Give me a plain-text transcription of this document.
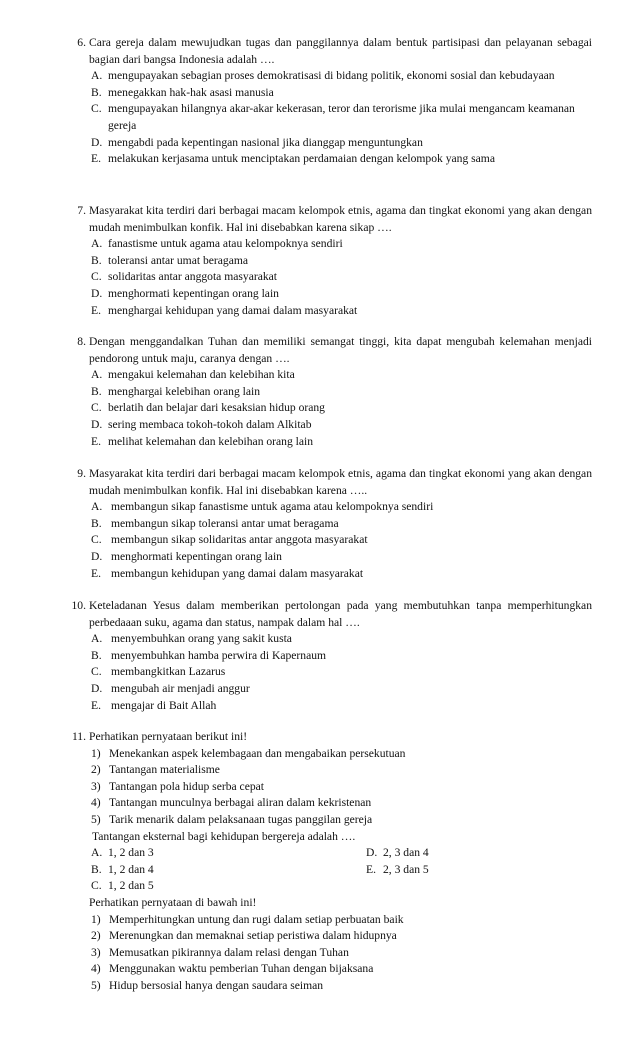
6. Cara gereja dalam mewujudkan tugas dan panggilannya dalam bentuk partisipasi dan pelayanan sebagai bagian dari bangsa Indonesia adalah ….
A. mengupayakan sebagian proses demokratisasi di bidang politik, ekonomi sosial dan kebudayaan
B. menegakkan hak-hak asasi manusia
C. mengupayakan hilangnya akar-akar kekerasan, teror dan terorisme jika mulai mengancam keamanan gereja
D. mengabdi pada kepentingan nasional jika dianggap menguntungkan
E. melakukan kerjasama untuk menciptakan perdamaian dengan kelompok yang sama
7. Masyarakat kita terdiri dari berbagai macam kelompok etnis, agama dan tingkat ekonomi yang akan dengan mudah menimbulkan konfik. Hal ini disebabkan karena sikap ….
A. fanastisme untuk agama atau kelompoknya sendiri
B. toleransi antar umat beragama
C. solidaritas antar anggota masyarakat
D. menghormati kepentingan orang lain
E. menghargai kehidupan yang damai dalam masyarakat
8. Dengan menggandalkan Tuhan dan memiliki semangat tinggi, kita dapat mengubah kelemahan menjadi pendorong untuk maju, caranya dengan ….
A. mengakui kelemahan dan kelebihan kita
B. menghargai kelebihan orang lain
C. berlatih dan belajar dari kesaksian hidup orang
D. sering membaca tokoh-tokoh dalam Alkitab
E. melihat kelemahan dan kelebihan orang lain
9. Masyarakat kita terdiri dari berbagai macam kelompok etnis, agama dan tingkat ekonomi yang akan dengan mudah menimbulkan konfik. Hal ini disebabkan karena …..
A. membangun sikap fanastisme untuk agama atau kelompoknya sendiri
B. membangun sikap toleransi antar umat beragama
C. membangun sikap solidaritas antar anggota masyarakat
D. menghormati kepentingan orang lain
E. membangun kehidupan yang damai dalam masyarakat
10. Keteladanan Yesus dalam memberikan pertolongan pada yang membutuhkan tanpa memperhitungkan perbedaaan suku, agama dan status, nampak dalam hal ….
A. menyembuhkan orang yang sakit kusta
B. menyembuhkan hamba perwira di Kapernaum
C. membangkitkan Lazarus
D. mengubah air menjadi anggur
E. mengajar di Bait Allah
11. Perhatikan pernyataan berikut ini!
1) Menekankan aspek kelembagaan dan mengabaikan persekutuan
2) Tantangan materialisme
3) Tantangan pola hidup serba cepat
4) Tantangan munculnya berbagai aliran dalam kekristenan
5) Tarik menarik dalam pelaksanaan tugas panggilan gereja
Tantangan eksternal bagi kehidupan bergereja adalah ….
A. 1, 2 dan 3	D. 2, 3 dan 4
B. 1, 2 dan 4	E. 2, 3 dan 5
C. 1, 2 dan 5
Perhatikan pernyataan di bawah ini!
1) Memperhitungkan untung dan rugi dalam setiap perbuatan baik
2) Merenungkan dan memaknai setiap peristiwa dalam hidupnya
3) Memusatkan pikirannya dalam relasi dengan Tuhan
4) Menggunakan waktu pemberian Tuhan dengan bijaksana
5) Hidup bersosial hanya dengan saudara seiman
